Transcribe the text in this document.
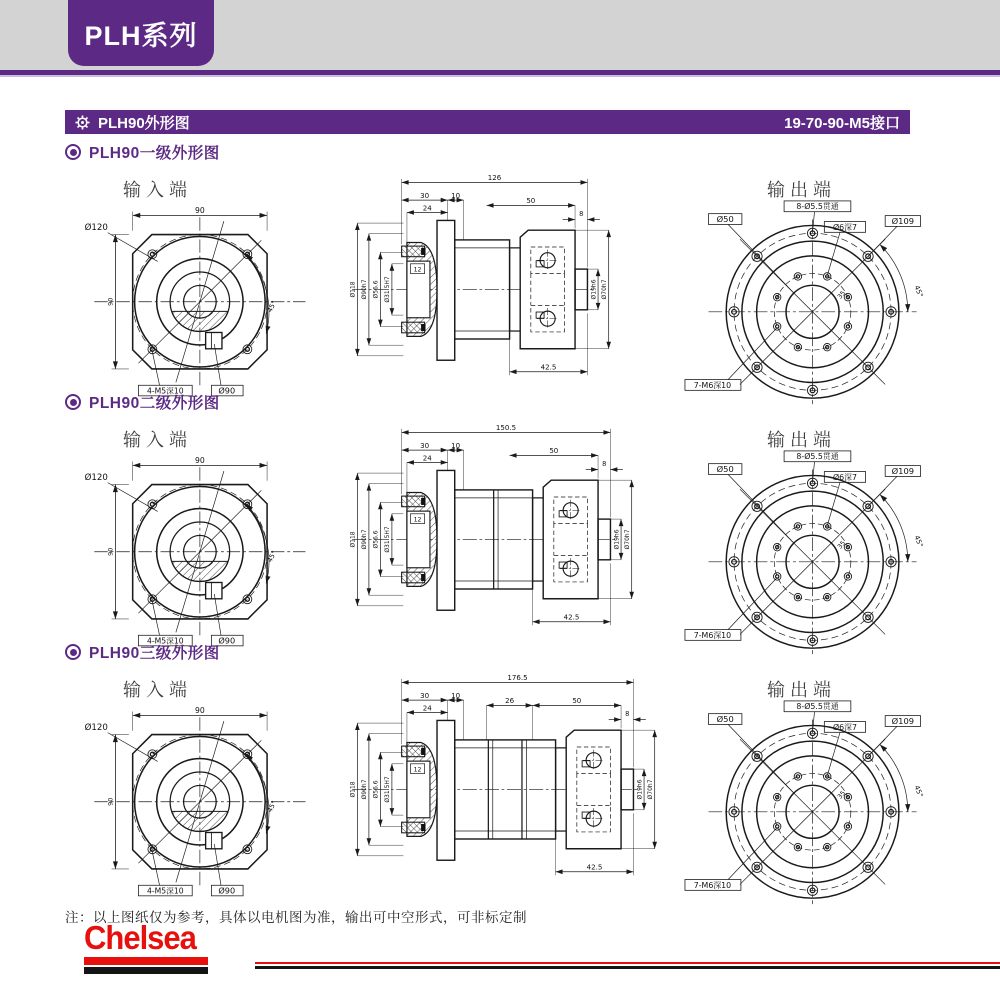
PLH系列
PLH90外形图	19-70-90-M5接口
PLH90一级外形图
输入端	输出端
90
90	45°
Ø120
4-M5深10	Ø90
12
Ø118 Ø90h7 Ø56.6 Ø31.5H7	Ø19h6 Ø70h7
126
30	10
24
50
8
42.5
45°
Ø50
8-Ø5.5贯通
Ø6深7
Ø109
7-M6深10
35
PLH90二级外形图
输入端	输出端
90
90	45°
Ø120
4-M5深10	Ø90
12
Ø118 Ø90h7 Ø56.6 Ø31.5H7	Ø19h6 Ø70h7
150.5
30	10
24
50
8
42.5
45°
Ø50
8-Ø5.5贯通
Ø6深7
Ø109
7-M6深10
35
PLH90三级外形图
输入端	输出端
90
90	45°
Ø120
4-M5深10	Ø90
12
Ø118 Ø90h7 Ø56.6 Ø31.5H7	Ø19h6 Ø70h7
176.5
30	10
24
26	50
8
42.5
45°
Ø50
8-Ø5.5贯通
Ø6深7
Ø109
7-M6深10
35
注：以上图纸仅为参考，具体以电机图为准，输出可中空形式，可非标定制
Chelsea
